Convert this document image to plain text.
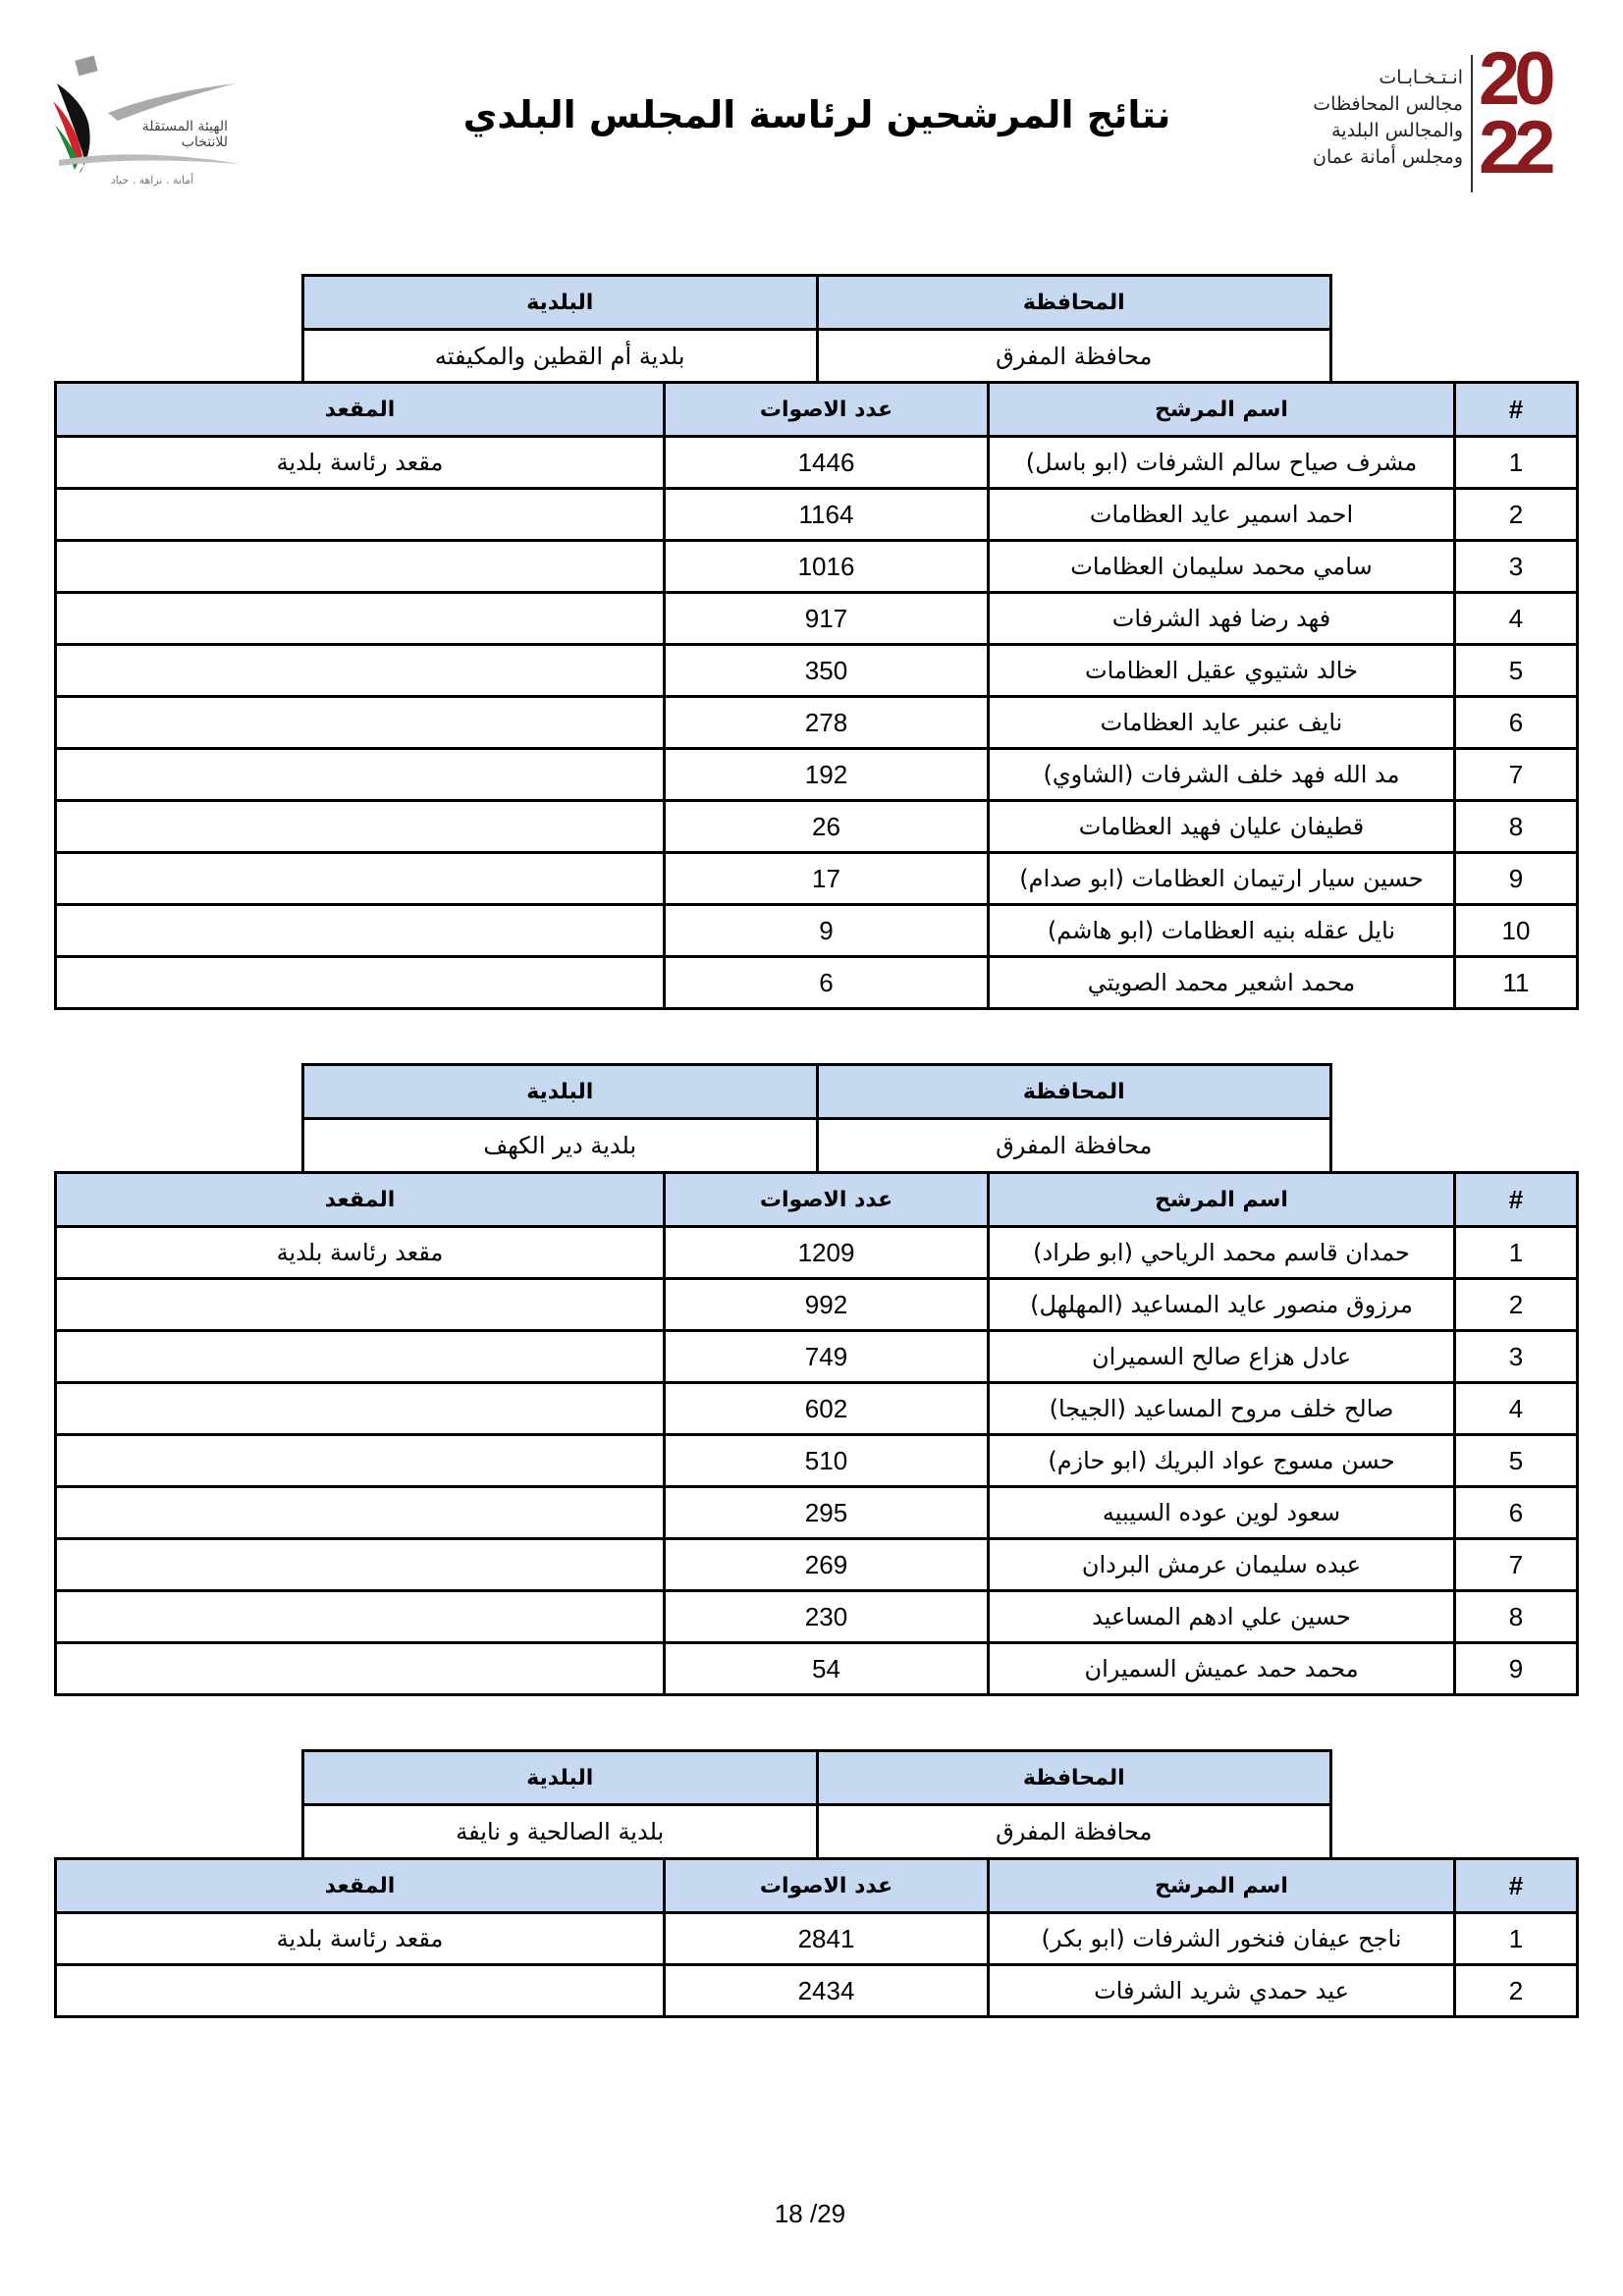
الهيئة المستقلة للانتخاب
أمانة . نزاهة . حياد
نتائج المرشحين لرئاسة المجلس البلدي
انـتـخـابـات
مجالس المحافظات
والمجالس البلدية
ومجلس أمانة عمان
20
22
المحافظة	البلدية
محافظة المفرق	بلدية أم القطين والمكيفته
#	اسم المرشح	عدد الاصوات	المقعد
1	مشرف صياح سالم الشرفات (ابو باسل)	1446	مقعد رئاسة بلدية
2	احمد اسمير عايد العظامات	1164	
3	سامي محمد سليمان العظامات	1016	
4	فهد رضا فهد الشرفات	917	
5	خالد شتيوي عقيل العظامات	350	
6	نايف عنبر عايد العظامات	278	
7	مد الله فهد خلف الشرفات (الشاوي)	192	
8	قطيفان عليان فهيد العظامات	26	
9	حسين سيار ارتيمان العظامات (ابو صدام)	17	
10	نايل عقله بنيه العظامات (ابو هاشم)	9	
11	محمد اشعير محمد الصويتي	6	
المحافظة	البلدية
محافظة المفرق	بلدية دير الكهف
#	اسم المرشح	عدد الاصوات	المقعد
1	حمدان قاسم محمد الرياحي (ابو طراد)	1209	مقعد رئاسة بلدية
2	مرزوق منصور عايد المساعيد (المهلهل)	992	
3	عادل هزاع صالح السميران	749	
4	صالح خلف مروح المساعيد (الجيجا)	602	
5	حسن مسوج عواد البريك (ابو حازم)	510	
6	سعود لوين عوده السيبيه	295	
7	عبده سليمان عرمش البردان	269	
8	حسين علي ادهم المساعيد	230	
9	محمد حمد عميش السميران	54	
المحافظة	البلدية
محافظة المفرق	بلدية الصالحية و نايفة
#	اسم المرشح	عدد الاصوات	المقعد
1	ناجح عيفان فنخور الشرفات (ابو بكر)	2841	مقعد رئاسة بلدية
2	عيد حمدي شريد الشرفات	2434	
18 /29
